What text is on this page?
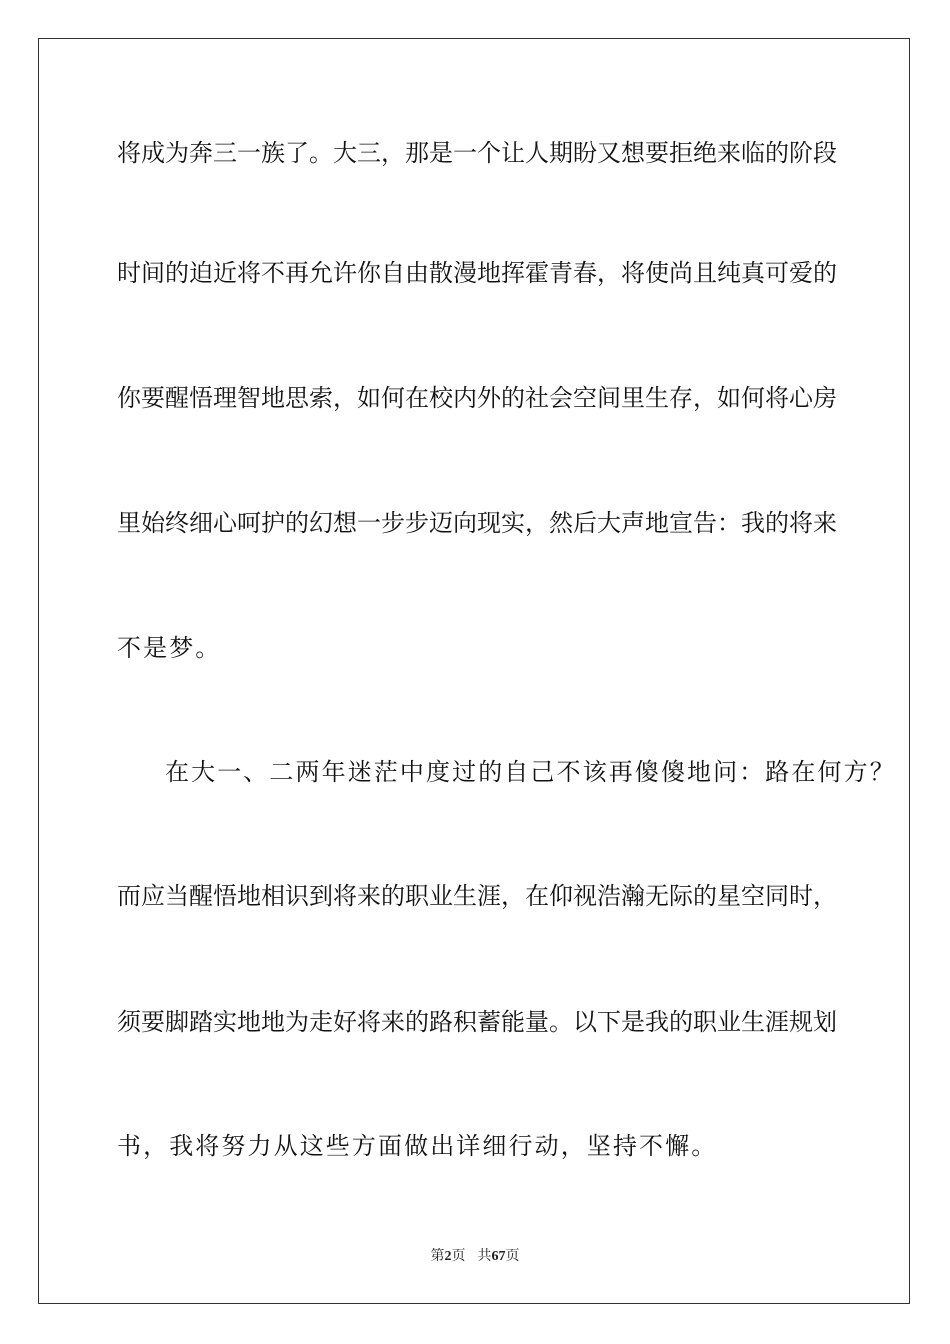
将成为奔三一族了。大三，那是一个让人期盼又想要拒绝来临的阶段
时间的迫近将不再允许你自由散漫地挥霍青春，将使尚且纯真可爱的
你要醒悟理智地思索，如何在校内外的社会空间里生存，如何将心房
里始终细心呵护的幻想一步步迈向现实，然后大声地宣告：我的将来
不是梦。
在大一、二两年迷茫中度过的自己不该再傻傻地问：路在何方？
而应当醒悟地相识到将来的职业生涯，在仰视浩瀚无际的星空同时，
须要脚踏实地地为走好将来的路积蓄能量。以下是我的职业生涯规划
书，我将努力从这些方面做出详细行动，坚持不懈。
第2页 共67页
